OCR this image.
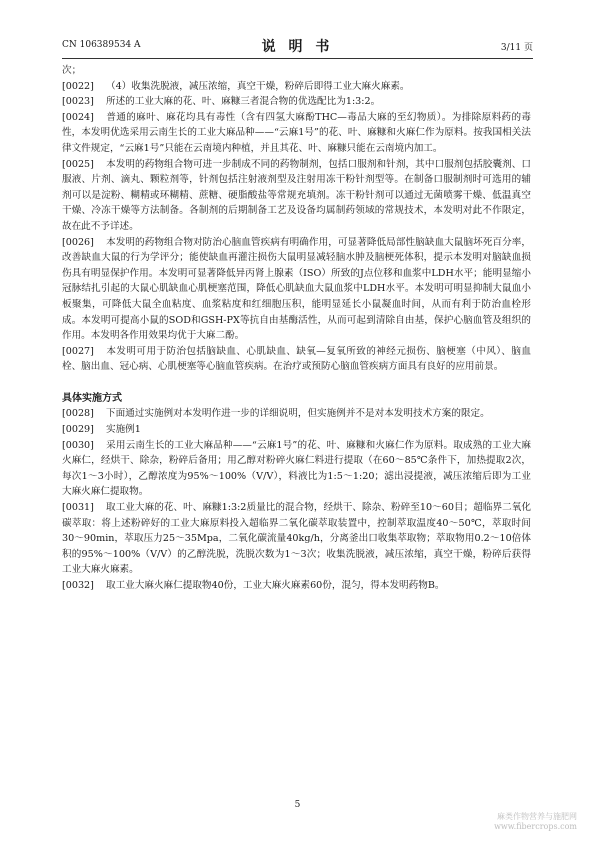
CN 106389534 A	说 明 书	3/11 页

次；

[0022] （4）收集洗脱液，减压浓缩，真空干燥，粉碎后即得工业大麻火麻素。

[0023] 所述的工业大麻的花、叶、麻糠三者混合物的优选配比为1:3:2。

[0024] 普通的麻叶、麻花均具有毒性（含有四氢大麻酚THC—毒品大麻的至幻物质）。为排除原料药的毒性，本发明优选采用云南生长的工业大麻品种——“云麻1号”的花、叶、麻糠和火麻仁作为原料。按我国相关法律文件规定，“云麻1号”只能在云南境内种植，并且其花、叶、麻糠只能在云南境内加工。

[0025] 本发明的药物组合物可进一步制成不同的药物制剂，包括口服剂和针剂，其中口服剂包括胶囊剂、口服液、片剂、滴丸、颗粒剂等，针剂包括注射液剂型及注射用冻干粉针剂型等。在制备口服制剂时可选用的辅剂可以是淀粉、糊精或环糊精、蔗糖、硬脂酸盐等常规充填剂。冻干粉针剂可以通过无菌喷雾干燥、低温真空干燥、冷冻干燥等方法制备。各制剂的后期制备工艺及设备均属制药领域的常规技术，本发明对此不作限定，故在此不予详述。

[0026] 本发明的药物组合物对防治心脑血管疾病有明确作用，可显著降低局部性脑缺血大鼠脑坏死百分率，改善缺血大鼠的行为学评分；能使缺血再灌注损伤大鼠明显减轻脑水肿及脑梗死体积，提示本发明对脑缺血损伤具有明显保护作用。本发明可显著降低异丙肾上腺素（ISO）所致的J点位移和血浆中LDH水平；能明显缩小冠脉结扎引起的大鼠心肌缺血心肌梗塞范围，降低心肌缺血大鼠血浆中LDH水平。本发明可明显抑制大鼠血小板聚集，可降低大鼠全血粘度、血浆粘度和红细胞压积，能明显延长小鼠凝血时间，从而有利于防治血栓形成。本发明可提高小鼠的SOD和GSH-PX等抗自由基酶活性，从而可起到清除自由基，保护心脑血管及组织的作用。本发明各作用效果均优于大麻二酚。

[0027] 本发明可用于防治包括脑缺血、心肌缺血、缺氧—复氧所致的神经元损伤、脑梗塞（中风）、脑血栓、脑出血、冠心病、心肌梗塞等心脑血管疾病。在治疗或预防心脑血管疾病方面具有良好的应用前景。

具体实施方式

[0028] 下面通过实施例对本发明作进一步的详细说明，但实施例并不是对本发明技术方案的限定。

[0029] 实施例1

[0030] 采用云南生长的工业大麻品种——“云麻1号”的花、叶、麻糠和火麻仁作为原料。取成熟的工业大麻火麻仁，经烘干、除杂，粉碎后备用；用乙醇对粉碎火麻仁料进行提取（在60～85℃条件下，加热提取2次，每次1～3小时），乙醇浓度为95%～100%（V/V），料液比为1:5～1:20；滤出浸提液，减压浓缩后即为工业大麻火麻仁提取物。

[0031] 取工业大麻的花、叶、麻糠1:3:2质量比的混合物，经烘干、除杂、粉碎至10～60目；超临界二氧化碳萃取：将上述粉碎好的工业大麻原料投入超临界二氧化碳萃取装置中，控制萃取温度40～50℃，萃取时间30～90min，萃取压力25～35Mpa，二氧化碳流量40kg/h，分离釜出口收集萃取物；萃取物用0.2～10倍体积的95%～100%（V/V）的乙醇洗脱，洗脱次数为1～3次；收集洗脱液，减压浓缩，真空干燥，粉碎后获得工业大麻火麻素。

[0032] 取工业大麻火麻仁提取物40份，工业大麻火麻素60份，混匀，得本发明药物B。

5
麻类作物营养与施肥网
www.fibercrops.com
